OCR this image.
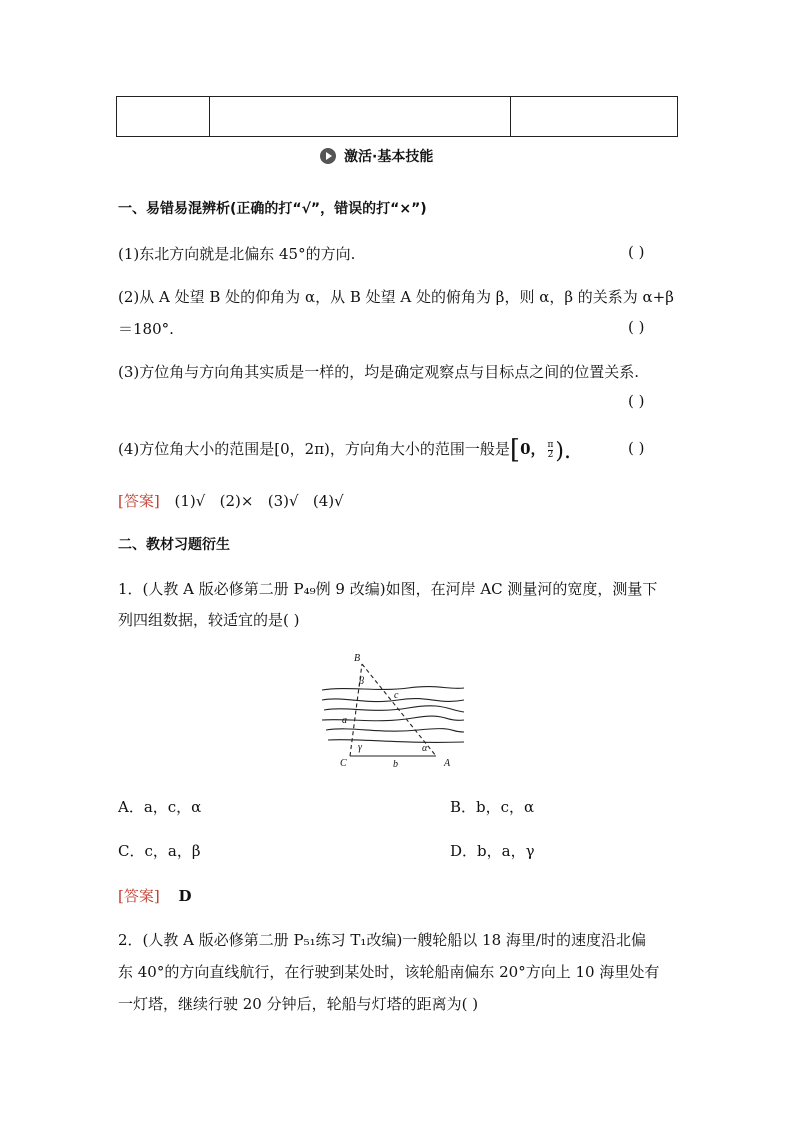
激活·基本技能
一、易错易混辨析(正确的打“√”，错误的打“×”)
(1)东北方向就是北偏东 45°的方向.	( )
(2)从 A 处望 B 处的仰角为 α，从 B 处望 A 处的俯角为 β，则 α，β 的关系为 α+β
＝180°.	( )
(3)方位角与方向角其实质是一样的，均是确定观察点与目标点之间的位置关系.
( )
(4)方位角大小的范围是[0，2π)，方向角大小的范围一般是[0， $\frac{\pi}{2}$ ).	( )
[答案] (1)√   (2)×   (3)√   (4)√
二、教材习题衍生
1．(人教 A 版必修第二册 P₄₉例 9 改编)如图，在河岸 AC 测量河的宽度，测量下
列四组数据，较适宜的是( )
B
β
c
a
γ	α
C	b	A
A．a，c，α	B．b，c，α
C．c，a，β	D．b，a，γ
[答案] D
2．(人教 A 版必修第二册 P₅₁练习 T₁改编)一艘轮船以 18 海里/时的速度沿北偏
东 40°的方向直线航行，在行驶到某处时，该轮船南偏东 20°方向上 10 海里处有
一灯塔，继续行驶 20 分钟后，轮船与灯塔的距离为( )
